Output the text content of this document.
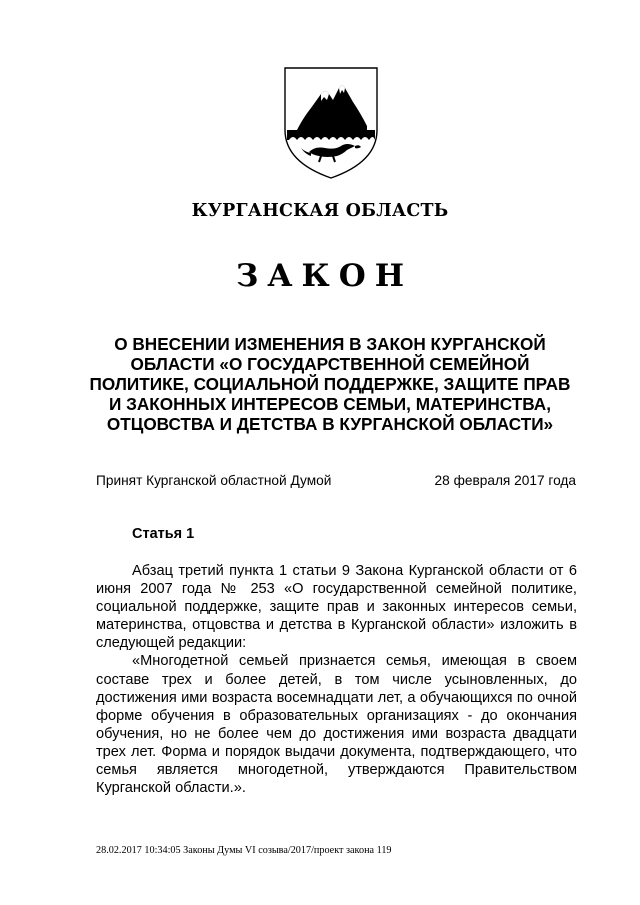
КУРГАНСКАЯ ОБЛАСТЬ
ЗАКОН
О ВНЕСЕНИИ ИЗМЕНЕНИЯ В ЗАКОН КУРГАНСКОЙ
ОБЛАСТИ «О ГОСУДАРСТВЕННОЙ СЕМЕЙНОЙ
ПОЛИТИКЕ, СОЦИАЛЬНОЙ ПОДДЕРЖКЕ, ЗАЩИТЕ ПРАВ
И ЗАКОННЫХ ИНТЕРЕСОВ СЕМЬИ, МАТЕРИНСТВА,
ОТЦОВСТВА И ДЕТСТВА В КУРГАНСКОЙ ОБЛАСТИ»
Принят Курганской областной Думой	28 февраля 2017 года
Статья 1

Абзац третий пункта 1 статьи 9 Закона Курганской области от 6 июня 2007 года № 253 «О государственной семейной политике, социальной поддержке, защите прав и законных интересов семьи, материнства, отцовства и детства в Курганской области» изложить в следующей редакции:

«Многодетной семьей признается семья, имеющая в своем составе трех и более детей, в том числе усыновленных, до достижения ими возраста восемнадцати лет, а обучающихся по очной форме обучения в образовательных организациях - до окончания обучения, но не более чем до достижения ими возраста двадцати трех лет. Форма и порядок выдачи документа, подтверждающего, что семья является многодетной, утверждаются Правительством Курганской области.».

28.02.2017 10:34:05 Законы Думы VI созыва/2017/проект закона 119
